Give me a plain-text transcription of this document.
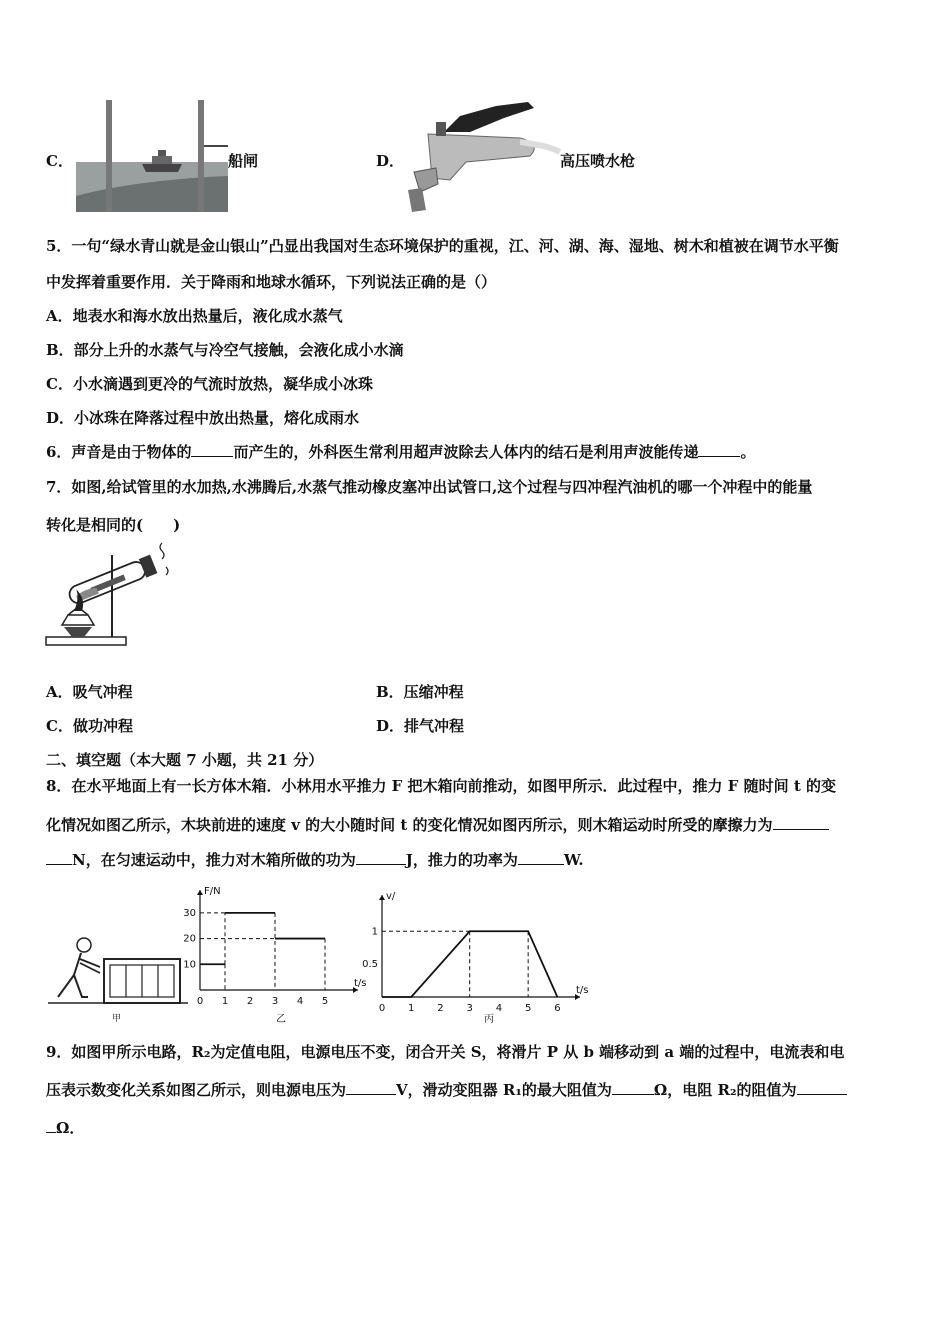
C．	船闸	D．	高压喷水枪
5．一句“绿水青山就是金山银山”凸显出我国对生态环境保护的重视，江、河、湖、海、湿地、树木和植被在调节水平衡
中发挥着重要作用．关于降雨和地球水循环，下列说法正确的是（）
A．地表水和海水放出热量后，液化成水蒸气
B．部分上升的水蒸气与冷空气接触，会液化成小水滴
C．小水滴遇到更冷的气流时放热，凝华成小冰珠
D．小冰珠在降落过程中放出热量，熔化成雨水
6．声音是由于物体的	而产生的，外科医生常利用超声波除去人体内的结石是利用声波能传递	。
7．如图,给试管里的水加热,水沸腾后,水蒸气推动橡皮塞冲出试管口,这个过程与四冲程汽油机的哪一个冲程中的能量
转化是相同的(　　)
A．吸气冲程	B．压缩冲程
C．做功冲程	D．排气冲程
二、填空题（本大题 7 小题，共 21 分）
8．在水平地面上有一长方体木箱．小林用水平推力 F 把木箱向前推动，如图甲所示．此过程中，推力 F 随时间 t 的变
化情况如图乙所示，木块前进的速度 v 的大小随时间 t 的变化情况如图丙所示，则木箱运动时所受的摩擦力为
N，在匀速运动中，推力对木箱所做的功为	J，推力的功率为	W.
甲
F/N
t/s
0 1 2 3 4 5
10
20
30
乙
v/
t/s
0 1 2 3 4 5 6
0.5
1
丙
9．如图甲所示电路，R₂为定值电阻，电源电压不变，闭合开关 S，将滑片 P 从 b 端移动到 a 端的过程中，电流表和电
压表示数变化关系如图乙所示，则电源电压为	V，滑动变阻器 R₁的最大阻值为	Ω，电阻 R₂的阻值为
Ω．
